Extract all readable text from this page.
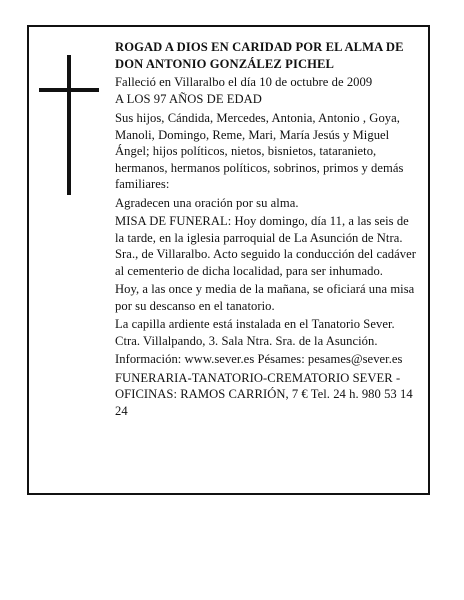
ROGAD A DIOS EN CARIDAD POR EL ALMA DE DON ANTONIO GONZÁLEZ PICHEL

Falleció en Villaralbo el día 10 de octubre de 2009

A LOS 97 AÑOS DE EDAD

Sus hijos, Cándida, Mercedes, Antonia, Antonio , Goya, Manoli, Domingo, Reme, Mari, María Jesús y Miguel Ángel; hijos políticos, nietos, bisnietos, tataranieto, hermanos, hermanos políticos, sobrinos, primos y demás familiares:

Agradecen una oración por su alma.

MISA DE FUNERAL: Hoy domingo, día 11, a las seis de la tarde, en la iglesia parroquial de La Asunción de Ntra. Sra., de Villaralbo. Acto seguido la conducción del cadáver al cementerio de dicha localidad, para ser inhumado.

Hoy, a las once y media de la mañana, se oficiará una misa por su descanso en el tanatorio.

La capilla ardiente está instalada en el Tanatorio Sever. Ctra. Villalpando, 3. Sala Ntra. Sra. de la Asunción.

Información: www.sever.es Pésames: pesames@sever.es

FUNERARIA-TANATORIO-CREMATORIO SEVER - OFICINAS: RAMOS CARRIÓN, 7 € Tel. 24 h. 980 53 14 24
